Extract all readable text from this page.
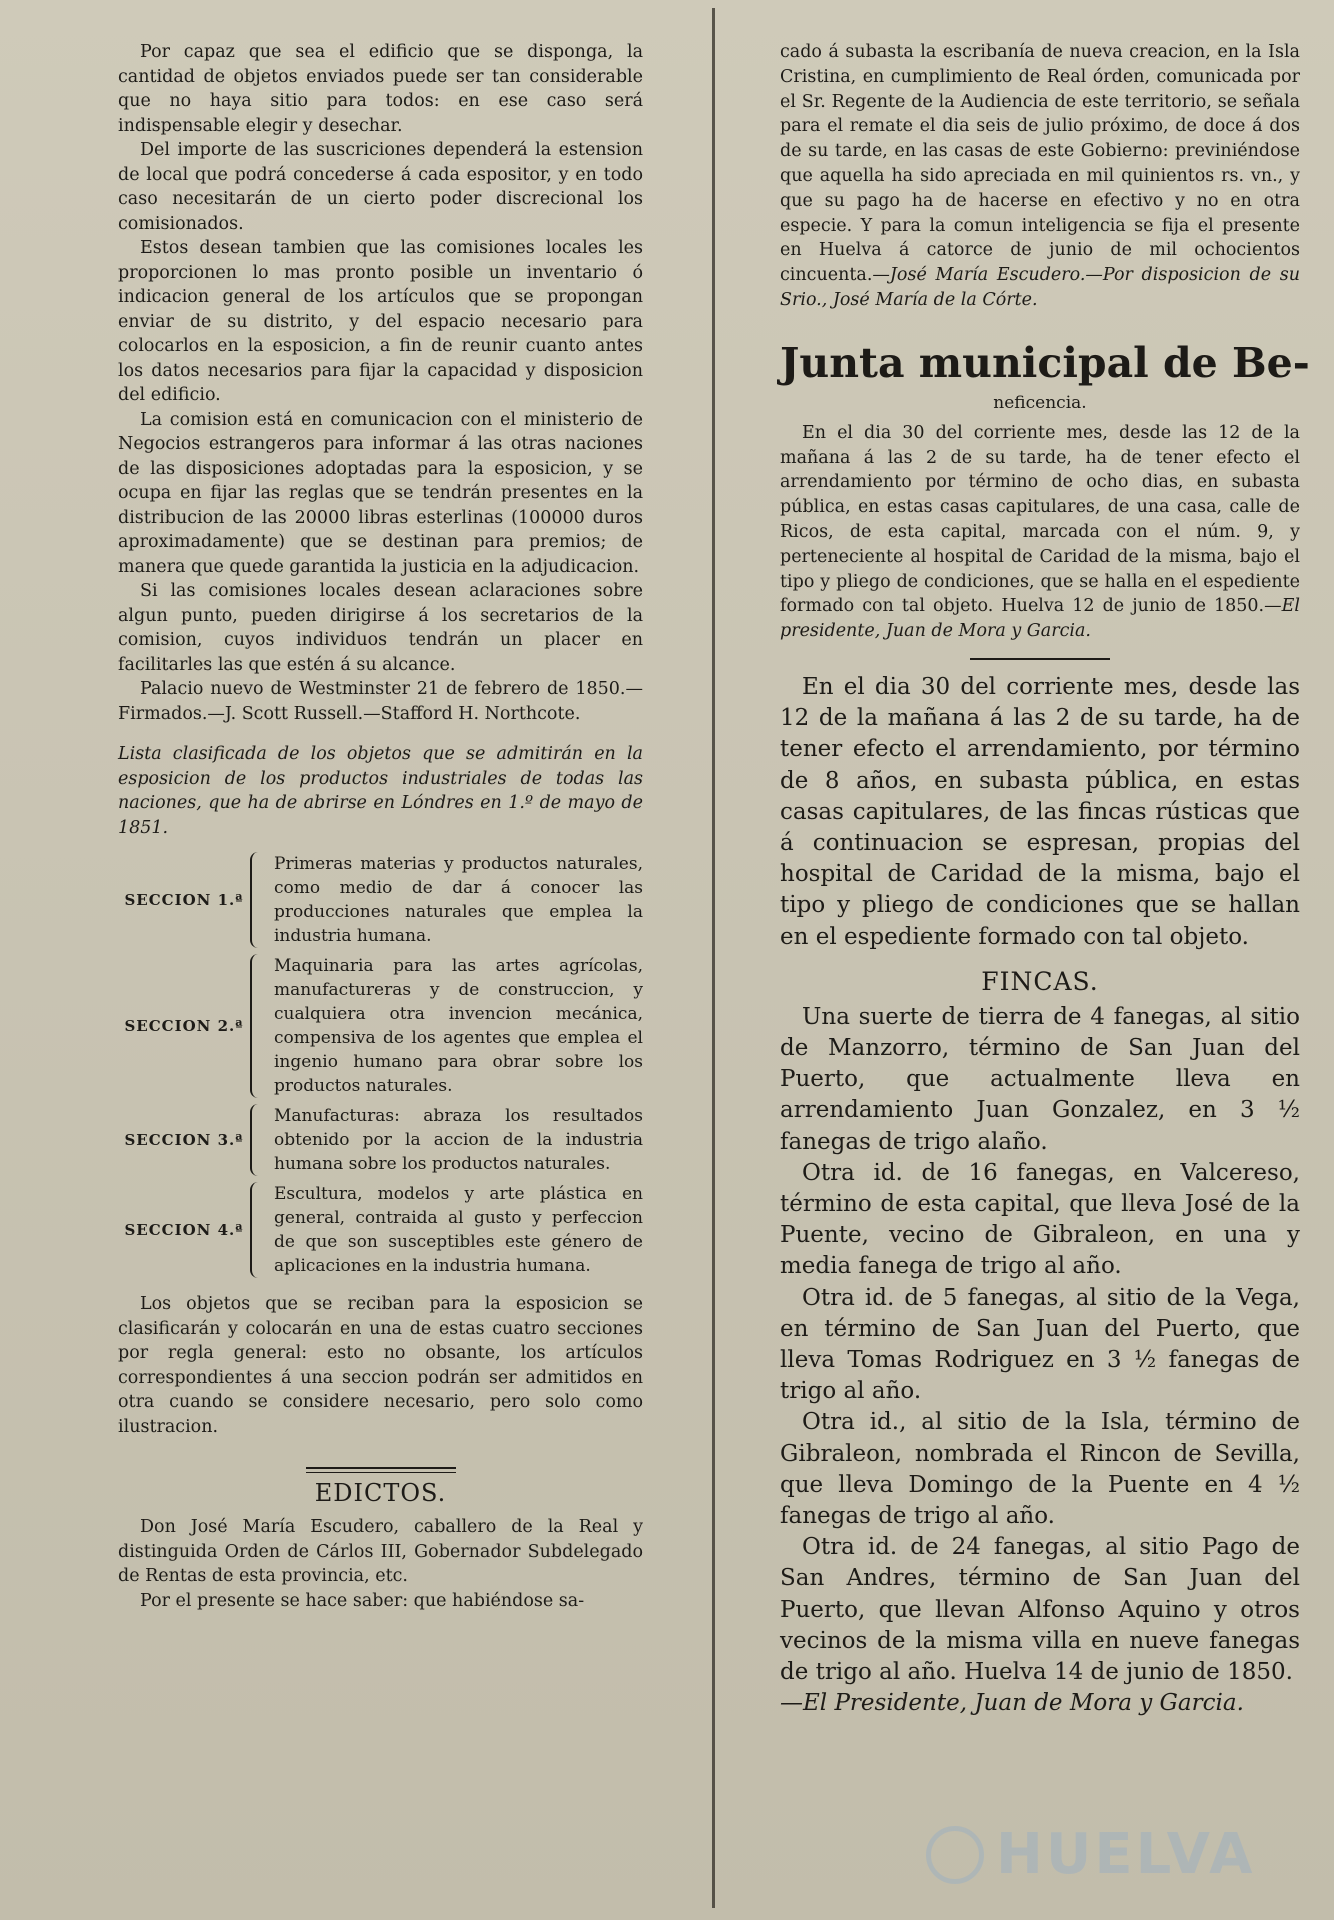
Por capaz que sea el edificio que se disponga, la cantidad de objetos enviados puede ser tan considerable que no haya sitio para todos: en ese caso será indispensable elegir y desechar.

Del importe de las suscriciones dependerá la estension de local que podrá concederse á cada espositor, y en todo caso necesitarán de un cierto poder discrecional los comisionados.

Estos desean tambien que las comisiones locales les proporcionen lo mas pronto posible un inventario ó indicacion general de los artículos que se propongan enviar de su distrito, y del espacio necesario para colocarlos en la esposicion, a fin de reunir cuanto antes los datos necesarios para fijar la capacidad y disposicion del edificio.

La comision está en comunicacion con el ministerio de Negocios estrangeros para informar á las otras naciones de las disposiciones adoptadas para la esposicion, y se ocupa en fijar las reglas que se tendrán presentes en la distribucion de las 20000 libras esterlinas (100000 duros aproximadamente) que se destinan para premios; de manera que quede garantida la justicia en la adjudicacion.

Si las comisiones locales desean aclaraciones sobre algun punto, pueden dirigirse á los secretarios de la comision, cuyos individuos tendrán un placer en facilitarles las que estén á su alcance.

Palacio nuevo de Westminster 21 de febrero de 1850.—Firmados.—J. Scott Russell.—Stafford H. Northcote.

Lista clasificada de los objetos que se admitirán en la esposicion de los productos industriales de todas las naciones, que ha de abrirse en Lóndres en 1.º de mayo de 1851.

SECCION 1.ª
Primeras materias y productos naturales, como medio de dar á conocer las producciones naturales que emplea la industria humana.
SECCION 2.ª
Maquinaria para las artes agrícolas, manufactureras y de construccion, y cualquiera otra invencion mecánica, compensiva de los agentes que emplea el ingenio humano para obrar sobre los productos naturales.
SECCION 3.ª
Manufacturas: abraza los resultados obtenido por la accion de la industria humana sobre los productos naturales.
SECCION 4.ª
Escultura, modelos y arte plástica en general, contraida al gusto y perfeccion de que son susceptibles este género de aplicaciones en la industria humana.

Los objetos que se reciban para la esposicion se clasificarán y colocarán en una de estas cuatro secciones por regla general: esto no obsante, los artículos correspondientes á una seccion podrán ser admitidos en otra cuando se considere necesario, pero solo como ilustracion.

EDICTOS.

Don José María Escudero, caballero de la Real y distinguida Orden de Cárlos III, Gobernador Subdelegado de Rentas de esta provincia, etc.

Por el presente se hace saber: que habiéndose sa-

cado á subasta la escribanía de nueva creacion, en la Isla Cristina, en cumplimiento de Real órden, comunicada por el Sr. Regente de la Audiencia de este territorio, se señala para el remate el dia seis de julio próximo, de doce á dos de su tarde, en las casas de este Gobierno: previniéndose que aquella ha sido apreciada en mil quinientos rs. vn., y que su pago ha de hacerse en efectivo y no en otra especie. Y para la comun inteligencia se fija el presente en Huelva á catorce de junio de mil ochocientos cincuenta.—José María Escudero.—Por disposicion de su Srio., José María de la Córte.

Junta municipal de Be-
neficencia.

En el dia 30 del corriente mes, desde las 12 de la mañana á las 2 de su tarde, ha de tener efecto el arrendamiento por término de ocho dias, en subasta pública, en estas casas capitulares, de una casa, calle de Ricos, de esta capital, marcada con el núm. 9, y perteneciente al hospital de Caridad de la misma, bajo el tipo y pliego de condiciones, que se halla en el espediente formado con tal objeto. Huelva 12 de junio de 1850.—El presidente, Juan de Mora y Garcia.

En el dia 30 del corriente mes, desde las 12 de la mañana á las 2 de su tarde, ha de tener efecto el arrendamiento, por término de 8 años, en subasta pública, en estas casas capitulares, de las fincas rústicas que á continuacion se espresan, propias del hospital de Caridad de la misma, bajo el tipo y pliego de condiciones que se hallan en el espediente formado con tal objeto.

FINCAS.

Una suerte de tierra de 4 fanegas, al sitio de Manzorro, término de San Juan del Puerto, que actualmente lleva en arrendamiento Juan Gonzalez, en 3 ½ fanegas de trigo alaño.

Otra id. de 16 fanegas, en Valcereso, término de esta capital, que lleva José de la Puente, vecino de Gibraleon, en una y media fanega de trigo al año.

Otra id. de 5 fanegas, al sitio de la Vega, en término de San Juan del Puerto, que lleva Tomas Rodriguez en 3 ½ fanegas de trigo al año.

Otra id., al sitio de la Isla, término de Gibraleon, nombrada el Rincon de Sevilla, que lleva Domingo de la Puente en 4 ½ fanegas de trigo al año.

Otra id. de 24 fanegas, al sitio Pago de San Andres, término de San Juan del Puerto, que llevan Alfonso Aquino y otros vecinos de la misma villa en nueve fanegas de trigo al año. Huelva 14 de junio de 1850.

—El Presidente, Juan de Mora y Garcia.

HUELVA
